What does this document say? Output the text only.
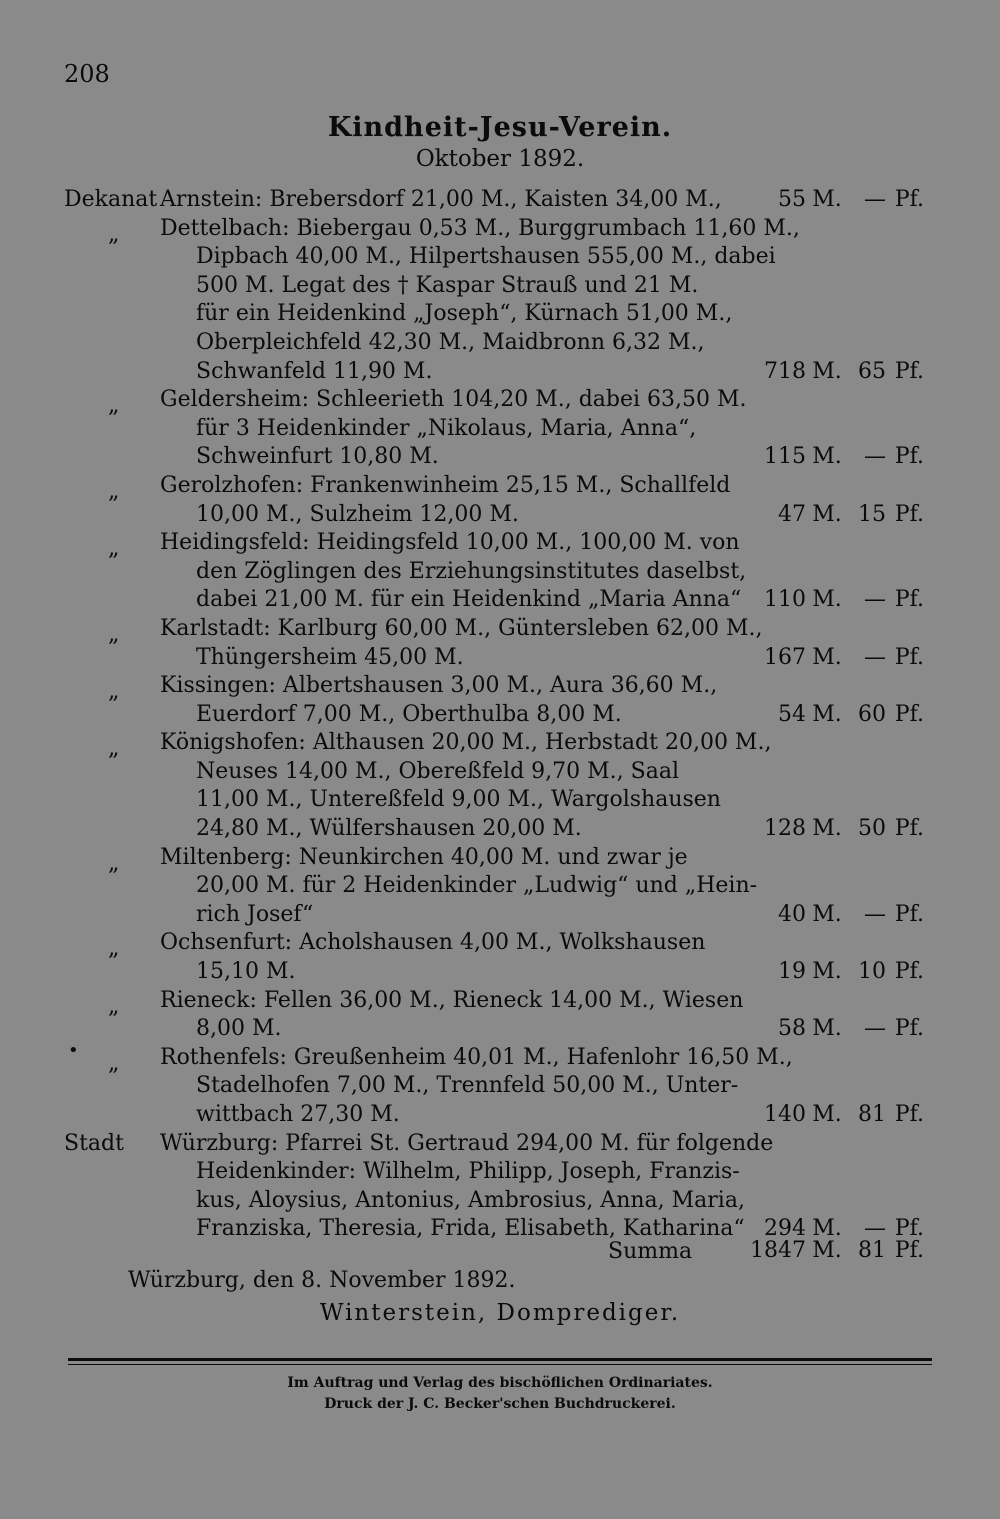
208
Kindheit-Jesu-Verein.
Oktober 1892.
Dekanat Arnstein: Brebersdorf 21,00 M., Kaisten 34,00 M.,	55 M. — Pf.
„	Dettelbach: Biebergau 0,53 M., Burggrumbach 11,60 M.,
Dipbach 40,00 M., Hilpertshausen 555,00 M., dabei
500 M. Legat des † Kaspar Strauß und 21 M.
für ein Heidenkind „Joseph“, Kürnach 51,00 M.,
Oberpleichfeld 42,30 M., Maidbronn 6,32 M.,
Schwanfeld 11,90 M.	718 M. 65 Pf.
„	Geldersheim: Schleerieth 104,20 M., dabei 63,50 M.
für 3 Heidenkinder „Nikolaus, Maria, Anna“,
Schweinfurt 10,80 M.	115 M. — Pf.
„	Gerolzhofen: Frankenwinheim 25,15 M., Schallfeld
10,00 M., Sulzheim 12,00 M.	47 M. 15 Pf.
„	Heidingsfeld: Heidingsfeld 10,00 M., 100,00 M. von
den Zöglingen des Erziehungsinstitutes daselbst,
dabei 21,00 M. für ein Heidenkind „Maria Anna“	110 M. — Pf.
„	Karlstadt: Karlburg 60,00 M., Güntersleben 62,00 M.,
Thüngersheim 45,00 M.	167 M. — Pf.
„	Kissingen: Albertshausen 3,00 M., Aura 36,60 M.,
Euerdorf 7,00 M., Oberthulba 8,00 M.	54 M. 60 Pf.
„	Königshofen: Althausen 20,00 M., Herbstadt 20,00 M.,
Neuses 14,00 M., Obereßfeld 9,70 M., Saal
11,00 M., Untereßfeld 9,00 M., Wargolshausen
24,80 M., Wülfershausen 20,00 M.	128 M. 50 Pf.
„	Miltenberg: Neunkirchen 40,00 M. und zwar je
20,00 M. für 2 Heidenkinder „Ludwig“ und „Hein-
rich Josef“	40 M. — Pf.
„	Ochsenfurt: Acholshausen 4,00 M., Wolkshausen
15,10 M.	19 M. 10 Pf.
„	Rieneck: Fellen 36,00 M., Rieneck 14,00 M., Wiesen
8,00 M.	58 M. — Pf.
„	Rothenfels: Greußenheim 40,01 M., Hafenlohr 16,50 M.,
Stadelhofen 7,00 M., Trennfeld 50,00 M., Unter-
wittbach 27,30 M.	140 M. 81 Pf.
Stadt	Würzburg: Pfarrei St. Gertraud 294,00 M. für folgende
Heidenkinder: Wilhelm, Philipp, Joseph, Franzis-
kus, Aloysius, Antonius, Ambrosius, Anna, Maria,
Franziska, Theresia, Frida, Elisabeth, Katharina“ 294 M. — Pf.
•
Summa	1847 M. 81 Pf.
Würzburg, den 8. November 1892.
Winterstein, Domprediger.
Im Auftrag und Verlag des bischöflichen Ordinariates.
Druck der J. C. Becker'schen Buchdruckerei.
